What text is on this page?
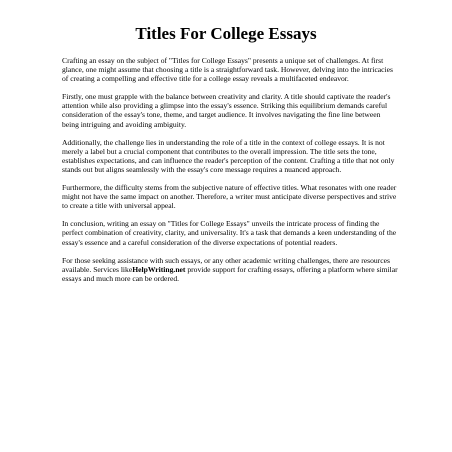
Titles For College Essays

Crafting an essay on the subject of "Titles for College Essays" presents a unique set of challenges. At first glance, one might assume that choosing a title is a straightforward task. However, delving into the intricacies of creating a compelling and effective title for a college essay reveals a multifaceted endeavor.

Firstly, one must grapple with the balance between creativity and clarity. A title should captivate the reader's attention while also providing a glimpse into the essay's essence. Striking this equilibrium demands careful consideration of the essay's tone, theme, and target audience. It involves navigating the fine line between being intriguing and avoiding ambiguity.

Additionally, the challenge lies in understanding the role of a title in the context of college essays. It is not merely a label but a crucial component that contributes to the overall impression. The title sets the tone, establishes expectations, and can influence the reader's perception of the content. Crafting a title that not only stands out but aligns seamlessly with the essay's core message requires a nuanced approach.

Furthermore, the difficulty stems from the subjective nature of effective titles. What resonates with one reader might not have the same impact on another. Therefore, a writer must anticipate diverse perspectives and strive to create a title with universal appeal.

In conclusion, writing an essay on "Titles for College Essays" unveils the intricate process of finding the perfect combination of creativity, clarity, and universality. It's a task that demands a keen understanding of the essay's essence and a careful consideration of the diverse expectations of potential readers.

For those seeking assistance with such essays, or any other academic writing challenges, there are resources available. Services likeHelpWriting.net provide support for crafting essays, offering a platform where similar essays and much more can be ordered.
